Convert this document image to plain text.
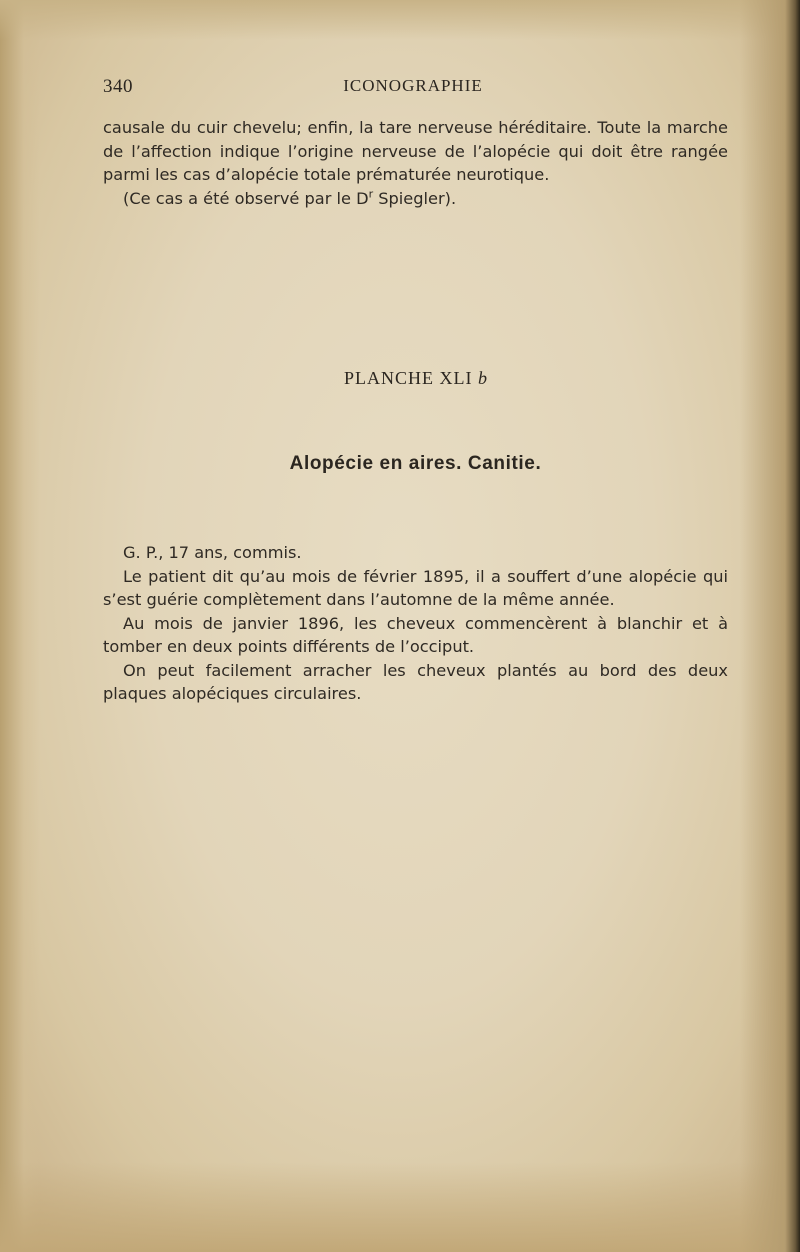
340	ICONOGRAPHIE

causale du cuir chevelu; enfin, la tare nerveuse héréditaire. Toute la marche de l’affection indique l’origine nerveuse de l’alopécie qui doit être rangée parmi les cas d’alopécie totale prématurée neurotique.

(Ce cas a été observé par le $D^r$ Spiegler).

PLANCHE XLI b
Alopécie en aires. Canitie.

G. P., 17 ans, commis.

Le patient dit qu’au mois de février 1895, il a souffert d’une alopécie qui s’est guérie complètement dans l’automne de la même année.

Au mois de janvier 1896, les cheveux commencèrent à blanchir et à tomber en deux points différents de l’occiput.

On peut facilement arracher les cheveux plantés au bord des deux plaques alopéciques circulaires.
